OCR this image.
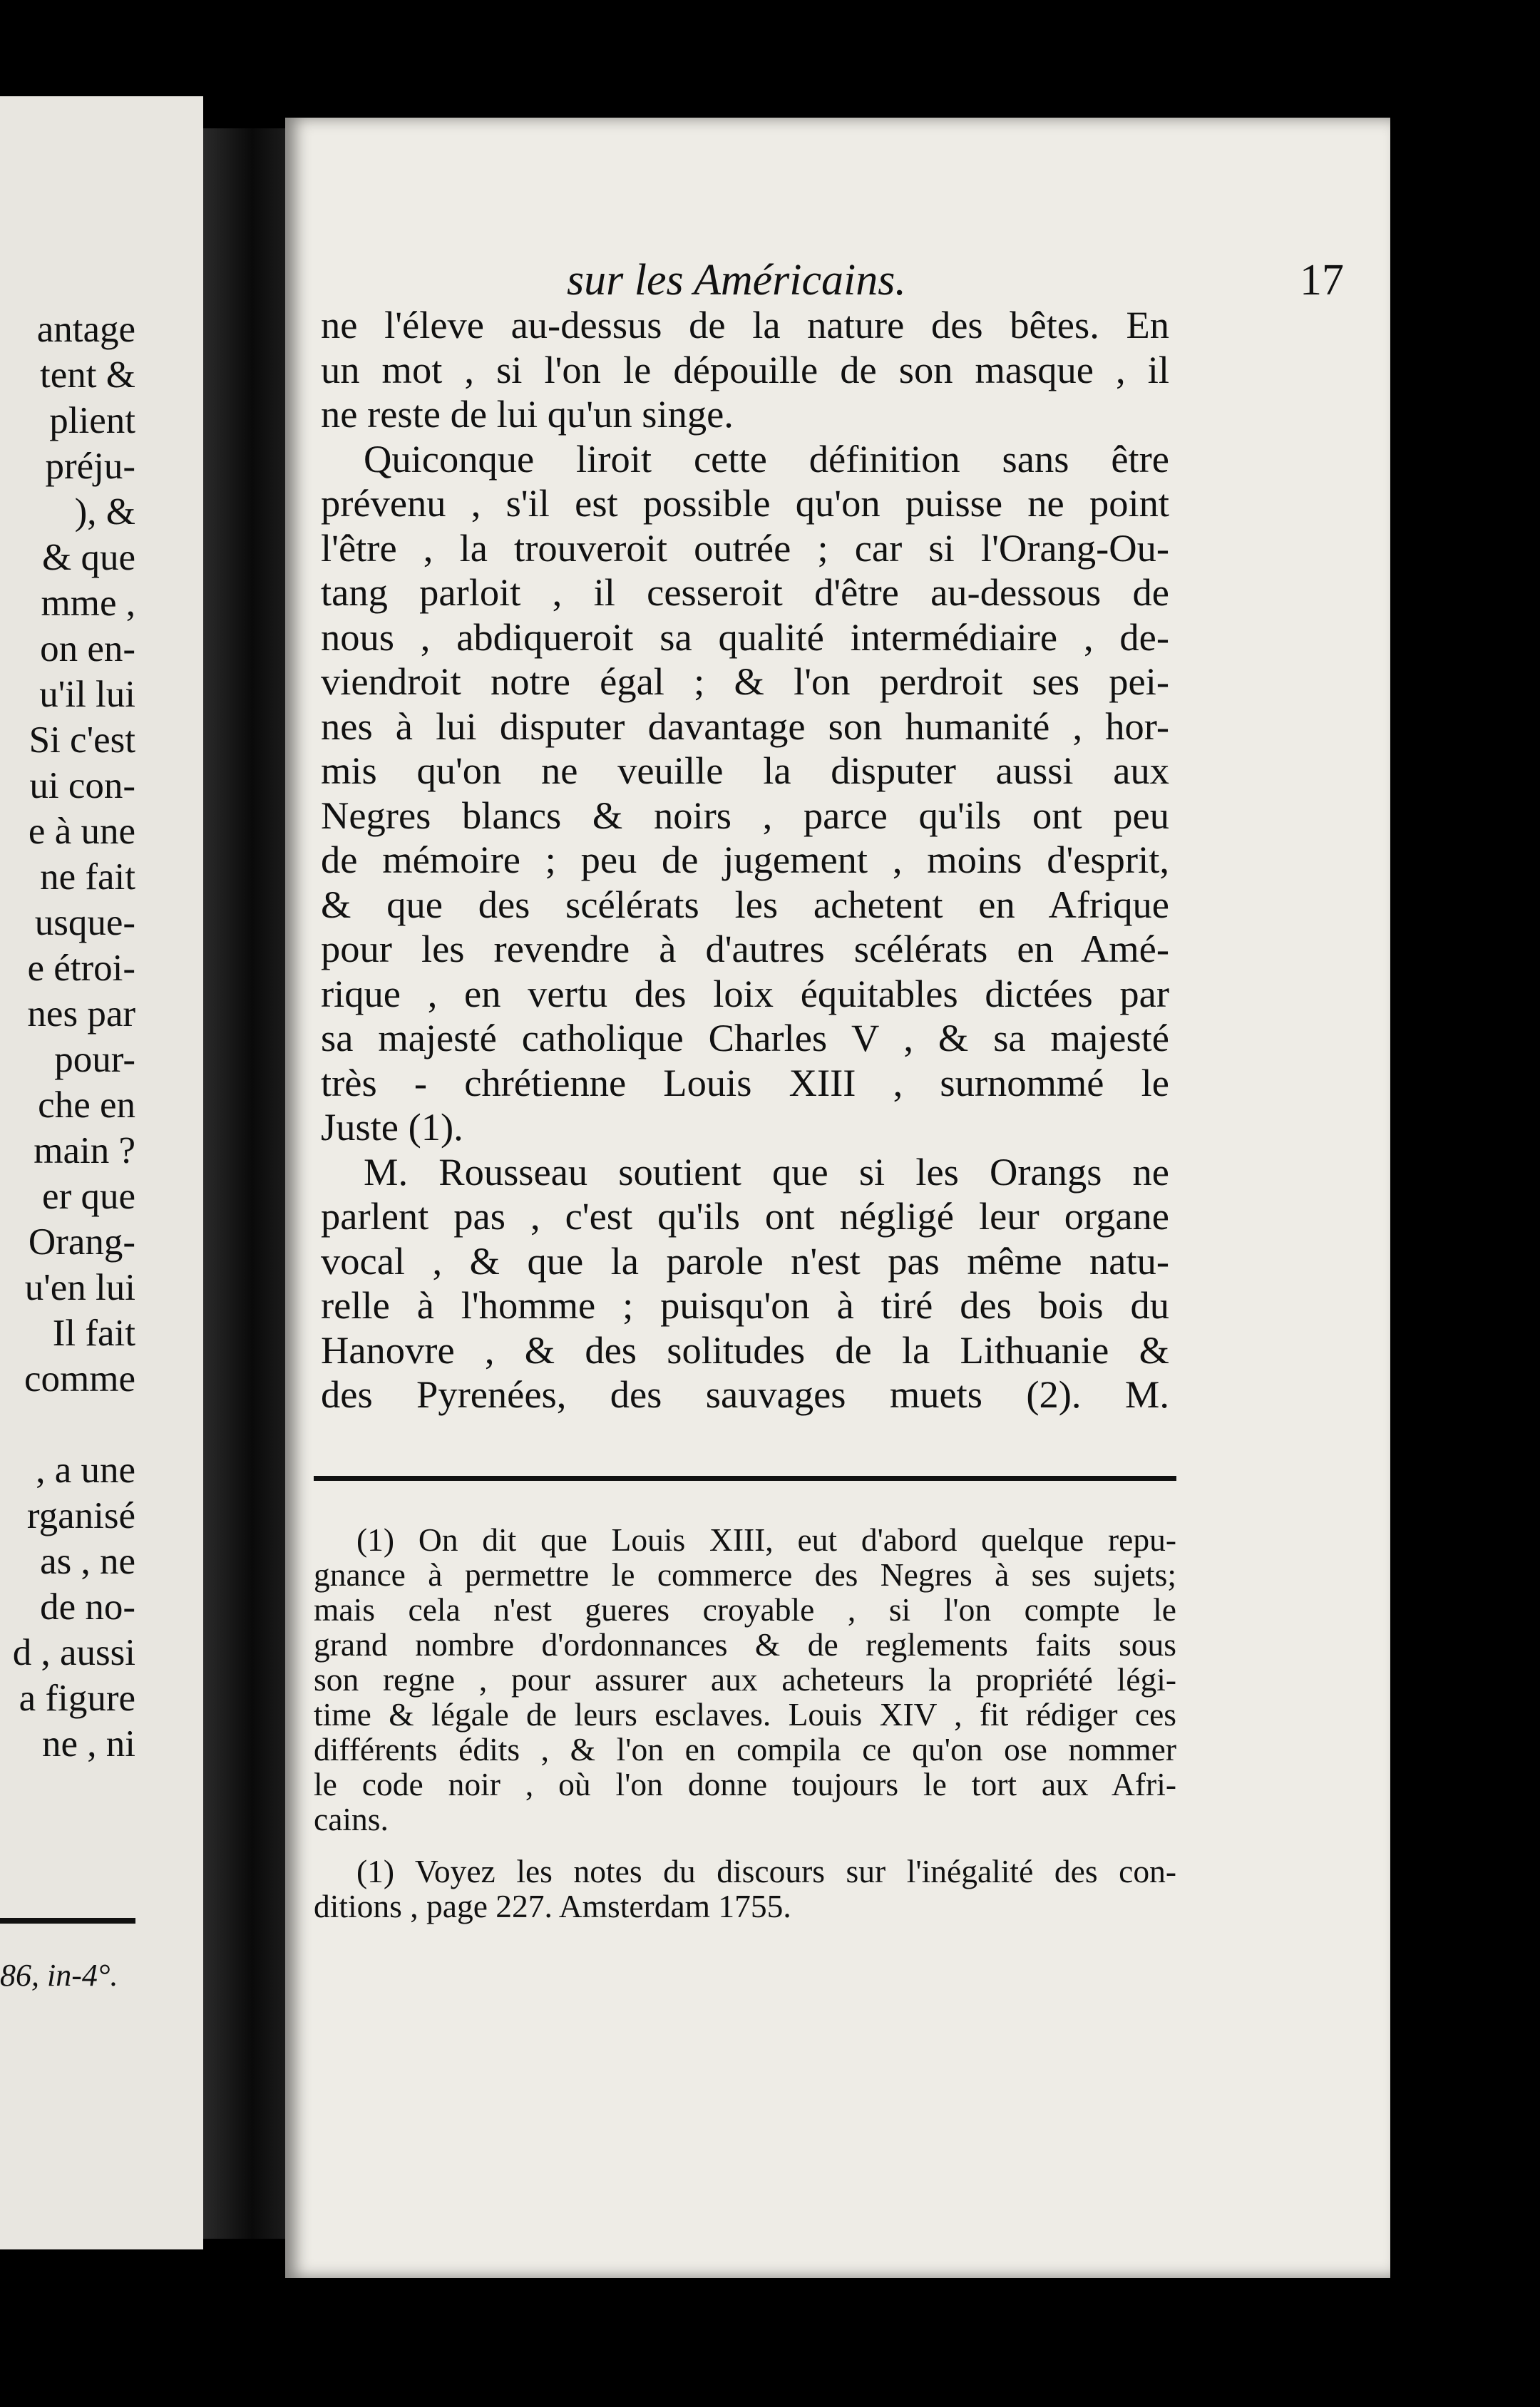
antage
tent &
plient
préju-
), &
& que
mme ,
on en-
u'il lui
Si c'est
ui con-
e à une
ne fait
usque-
e étroi-
nes par
pour-
che en
main ?
er que
Orang-
u'en lui
Il fait
comme
, a une
rganisé
as , ne
de no-
d , aussi
a figure
ne , ni
86, in-4°.
sur les Américains.	17
ne l'éleve au-dessus de la nature des bêtes. En
un mot , si l'on le dépouille de son masque , il
ne reste de lui qu'un singe.
Quiconque liroit cette définition sans être
prévenu , s'il est possible qu'on puisse ne point
l'être , la trouveroit outrée ; car si l'Orang-Ou-
tang parloit , il cesseroit d'être au-dessous de
nous , abdiqueroit sa qualité intermédiaire , de-
viendroit notre égal ; & l'on perdroit ses pei-
nes à lui disputer davantage son humanité , hor-
mis qu'on ne veuille la disputer aussi aux
Negres blancs & noirs , parce qu'ils ont peu
de mémoire ; peu de jugement , moins d'esprit,
& que des scélérats les achetent en Afrique
pour les revendre à d'autres scélérats en Amé-
rique , en vertu des loix équitables dictées par
sa majesté catholique Charles V , & sa majesté
très - chrétienne Louis XIII , surnommé le
Juste (1).
M. Rousseau soutient que si les Orangs ne
parlent pas , c'est qu'ils ont négligé leur organe
vocal , & que la parole n'est pas même natu-
relle à l'homme ; puisqu'on à tiré des bois du
Hanovre , & des solitudes de la Lithuanie &
des Pyrenées, des sauvages muets (2). M.
(1) On dit que Louis XIII, eut d'abord quelque repu-
gnance à permettre le commerce des Negres à ses sujets;
mais cela n'est gueres croyable , si l'on compte le
grand nombre d'ordonnances & de reglements faits sous
son regne , pour assurer aux acheteurs la propriété légi-
time & légale de leurs esclaves. Louis XIV , fit rédiger ces
différents édits , & l'on en compila ce qu'on ose nommer
le code noir , où l'on donne toujours le tort aux Afri-
cains.
(1) Voyez les notes du discours sur l'inégalité des con-
ditions , page 227. Amsterdam 1755.
